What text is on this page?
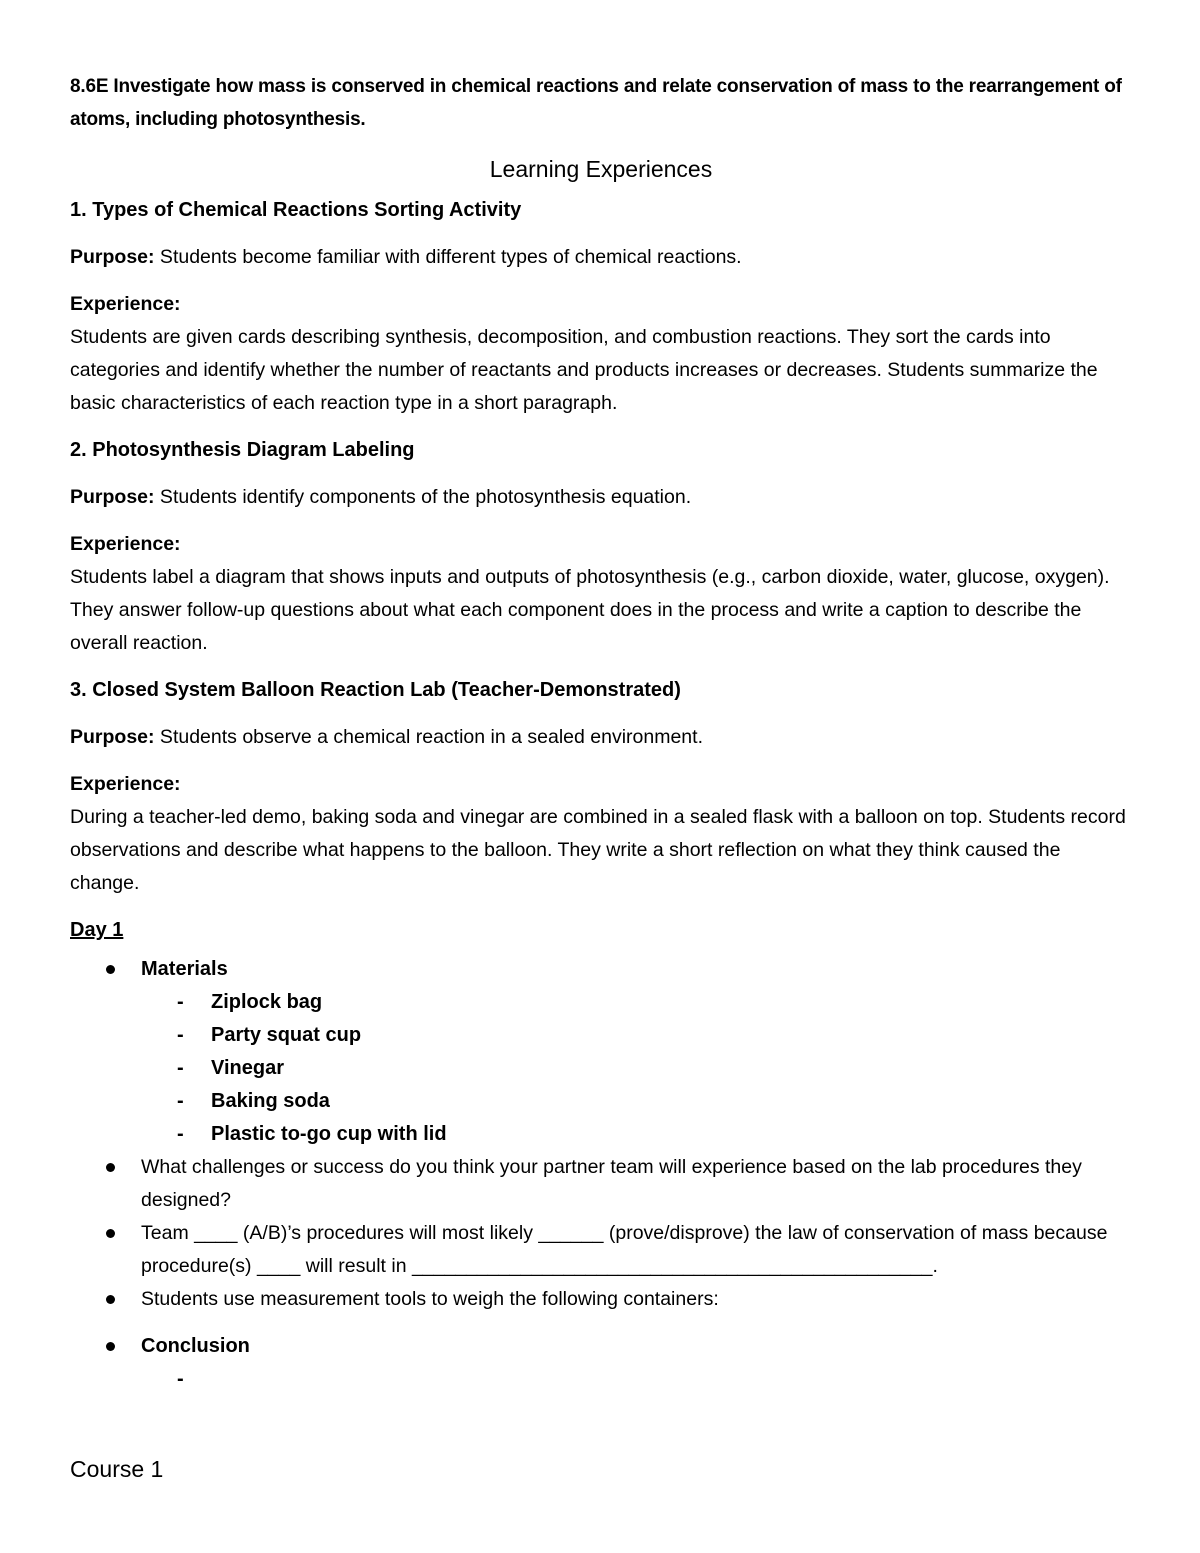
8.6E Investigate how mass is conserved in chemical reactions and relate conservation of mass to the rearrangement of atoms, including photosynthesis.

Learning Experiences
1. Types of Chemical Reactions Sorting Activity
Purpose: Students become familiar with different types of chemical reactions.
Experience:
Students are given cards describing synthesis, decomposition, and combustion reactions. They sort the cards into categories and identify whether the number of reactants and products increases or decreases. Students summarize the basic characteristics of each reaction type in a short paragraph.
2. Photosynthesis Diagram Labeling
Purpose: Students identify components of the photosynthesis equation.
Experience:
Students label a diagram that shows inputs and outputs of photosynthesis (e.g., carbon dioxide, water, glucose, oxygen). They answer follow-up questions about what each component does in the process and write a caption to describe the overall reaction.
3. Closed System Balloon Reaction Lab (Teacher-Demonstrated)
Purpose: Students observe a chemical reaction in a sealed environment.
Experience:
During a teacher-led demo, baking soda and vinegar are combined in a sealed flask with a balloon on top. Students record observations and describe what happens to the balloon. They write a short reflection on what they think caused the change.
Day 1
Materials
- Ziplock bag
- Party squat cup
- Vinegar
- Baking soda
- Plastic to-go cup with lid
What challenges or success do you think your partner team will experience based on the lab procedures they designed?
Team ____ (A/B)’s procedures will most likely ______ (prove/disprove) the law of conservation of mass because procedure(s) ____ will result in ________________________________________________.
Students use measurement tools to weigh the following containers:
Conclusion
-
Course 1
